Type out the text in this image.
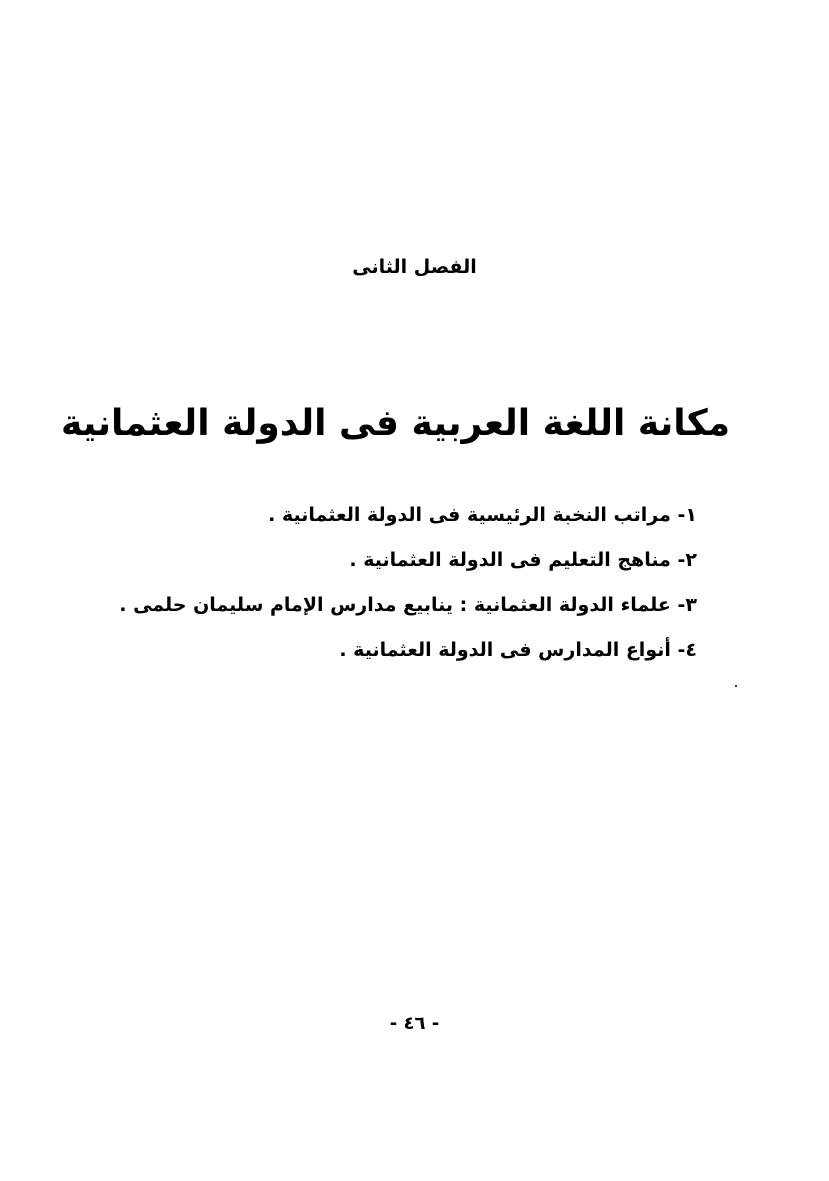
الفصل الثانى
مكانة اللغة العربية فى الدولة العثمانية
١- مراتب النخبة الرئيسية فى الدولة العثمانية .
٢- مناهج التعليم فى الدولة العثمانية .
٣- علماء الدولة العثمانية : ينابيع مدارس الإمام سليمان حلمى .
٤- أنواع المدارس فى الدولة العثمانية .
- ٤٦ -
